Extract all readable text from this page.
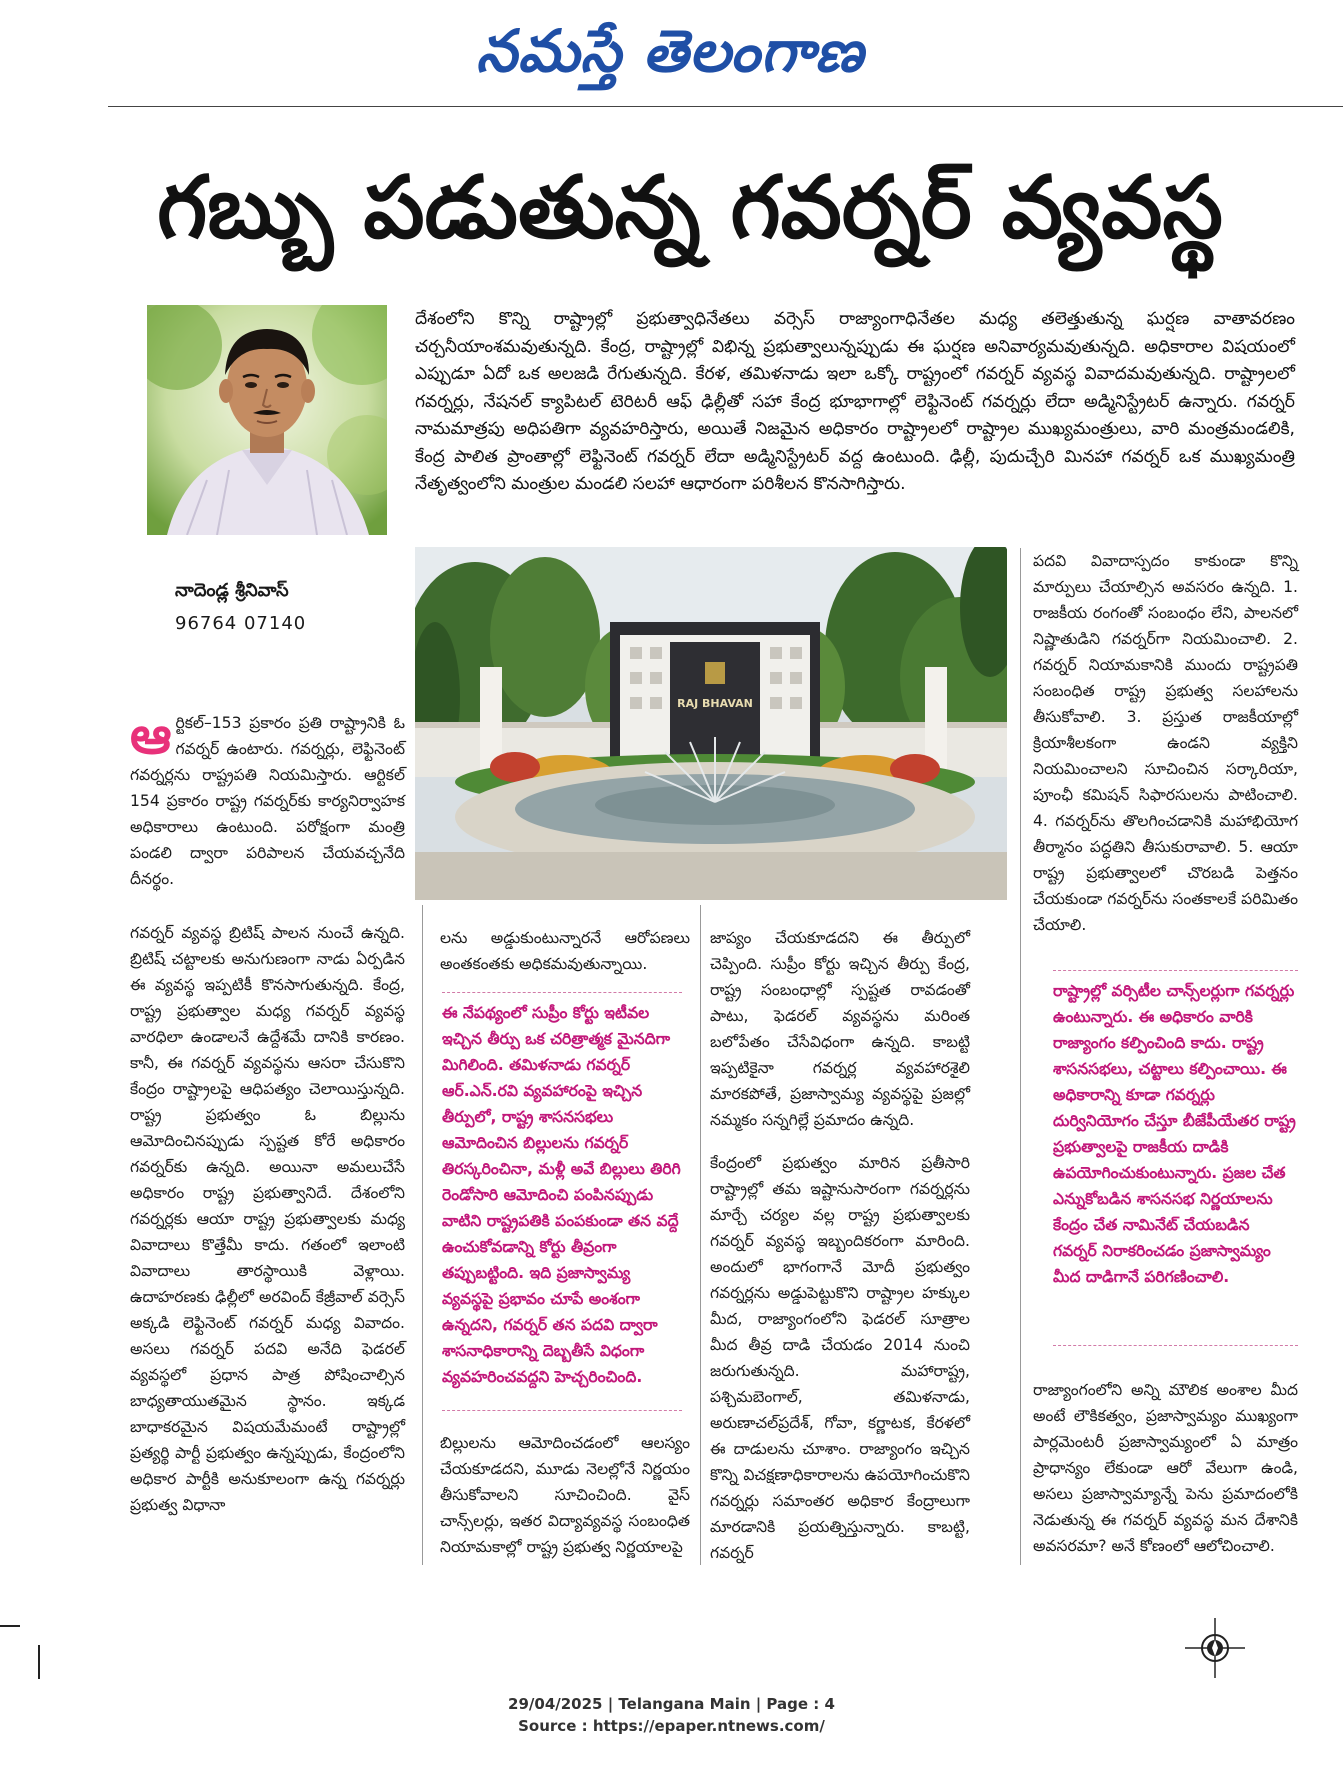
నమస్తే తెలంగాణ
గబ్బు పడుతున్న గవర్నర్ వ్యవస్థ
నాదెండ్ల శ్రీనివాస్
96764 07140
దేశంలోని కొన్ని రాష్ట్రాల్లో ప్రభుత్వాధినేతలు వర్సెస్ రాజ్యాంగాధినేతల మధ్య తలెత్తుతున్న ఘర్షణ వాతావరణం చర్చనీయాంశమవుతున్నది. కేంద్ర, రాష్ట్రాల్లో విభిన్న ప్రభుత్వాలున్నప్పుడు ఈ ఘర్షణ అనివార్యమవుతున్నది. అధికారాల విషయంలో ఎప్పుడూ ఏదో ఒక అలజడి రేగుతున్నది. కేరళ, తమిళనాడు ఇలా ఒక్కో రాష్ట్రంలో గవర్నర్ వ్యవస్థ వివాదమవుతున్నది. రాష్ట్రాలలో గవర్నర్లు, నేషనల్ క్యాపిటల్ టెరిటరీ ఆఫ్ ఢిల్లీతో సహా కేంద్ర భూభాగాల్లో లెఫ్టినెంట్ గవర్నర్లు లేదా అడ్మినిస్ట్రేటర్ ఉన్నారు. గవర్నర్ నామమాత్రపు అధిపతిగా వ్యవహరిస్తారు, అయితే నిజమైన అధికారం రాష్ట్రాలలో రాష్ట్రాల ముఖ్యమంత్రులు, వారి మంత్రమండలికి, కేంద్ర పాలిత ప్రాంతాల్లో లెఫ్టినెంట్ గవర్నర్ లేదా అడ్మినిస్ట్రేటర్ వద్ద ఉంటుంది. ఢిల్లీ, పుదుచ్చేరి మినహా గవర్నర్ ఒక ముఖ్యమంత్రి నేతృత్వంలోని మంత్రుల మండలి సలహా ఆధారంగా పరిశీలన కొనసాగిస్తారు.
RAJ BHAVAN
ఆర్టికల్–153 ప్రకారం ప్రతి రాష్ట్రానికి ఓ గవర్నర్ ఉంటారు. గవర్నర్లు, లెఫ్టినెంట్ గవర్నర్లను రాష్ట్రపతి నియమిస్తారు. ఆర్టికల్ 154 ప్రకారం రాష్ట్ర గవర్నర్‌కు కార్యనిర్వాహక అధికారాలు ఉంటుంది. పరోక్షంగా మంత్రి పండలి ద్వారా పరిపాలన చేయవచ్చనేది దీనర్థం.
గవర్నర్ వ్యవస్థ బ్రిటిష్ పాలన నుంచే ఉన్నది. బ్రిటిష్ చట్టాలకు అనుగుణంగా నాడు ఏర్పడిన ఈ వ్యవస్థ ఇప్పటికీ కొనసాగుతున్నది. కేంద్ర, రాష్ట్ర ప్రభుత్వాల మధ్య గవర్నర్ వ్యవస్థ వారధిలా ఉండాలనే ఉద్దేశమే దానికి కారణం. కానీ, ఈ గవర్నర్ వ్యవస్థను ఆసరా చేసుకొని కేంద్రం రాష్ట్రాలపై ఆధిపత్యం చెలాయిస్తున్నది. రాష్ట్ర ప్రభుత్వం ఓ బిల్లును ఆమోదించినప్పుడు స్పష్టత కోరే అధికారం గవర్నర్‌కు ఉన్నది. అయినా అమలుచేసే అధికారం రాష్ట్ర ప్రభుత్వానిదే. దేశంలోని గవర్నర్లకు ఆయా రాష్ట్ర ప్రభుత్వాలకు మధ్య వివాదాలు కొత్తేమీ కాదు. గతంలో ఇలాంటి వివాదాలు తారస్థాయికి వెళ్లాయి. ఉదాహరణకు ఢిల్లీలో అరవింద్ కేజ్రీవాల్ వర్సెస్ అక్కడి లెఫ్టినెంట్ గవర్నర్ మధ్య వివాదం. అసలు గవర్నర్ పదవి అనేది ఫెడరల్ వ్యవస్థలో ప్రధాన పాత్ర పోషించాల్సిన బాధ్యతాయుతమైన స్థానం. ఇక్కడ బాధాకరమైన విషయమేమంటే రాష్ట్రాల్లో ప్రత్యర్థి పార్టీ ప్రభుత్వం ఉన్నప్పుడు, కేంద్రంలోని అధికార పార్టీకి అనుకూలంగా ఉన్న గవర్నర్లు ప్రభుత్వ విధానా
లను అడ్డుకుంటున్నారనే ఆరోపణలు అంతకంతకు అధికమవుతున్నాయి.
ఈ నేపథ్యంలో సుప్రీం కోర్టు ఇటీవల ఇచ్చిన తీర్పు ఒక చరిత్రాత్మక మైనదిగా మిగిలింది. తమిళనాడు గవర్నర్ ఆర్.ఎన్.రవి వ్యవహారంపై ఇచ్చిన తీర్పులో, రాష్ట్ర శాసనసభలు ఆమోదించిన బిల్లులను గవర్నర్ తిరస్కరించినా, మళ్లీ అవే బిల్లులు తిరిగి రెండోసారి ఆమోదించి పంపినప్పుడు వాటిని రాష్ట్రపతికి పంపకుండా తన వద్దే ఉంచుకోవడాన్ని కోర్టు తీవ్రంగా తప్పుబట్టింది. ఇది ప్రజాస్వామ్య వ్యవస్థపై ప్రభావం చూపే అంశంగా ఉన్నదని, గవర్నర్ తన పదవి ద్వారా శాసనాధికారాన్ని దెబ్బతీసే విధంగా వ్యవహరించవద్దని హెచ్చరించింది.
బిల్లులను ఆమోదించడంలో ఆలస్యం చేయకూడదని, మూడు నెలల్లోనే నిర్ణయం తీసుకోవాలని సూచించింది. వైస్ చాన్స్‌లర్లు, ఇతర విద్యావ్యవస్థ సంబంధిత నియామకాల్లో రాష్ట్ర ప్రభుత్వ నిర్ణయాలపై
జాప్యం చేయకూడదని ఈ తీర్పులో చెప్పింది. సుప్రీం కోర్టు ఇచ్చిన తీర్పు కేంద్ర, రాష్ట్ర సంబంధాల్లో స్పష్టత రావడంతో పాటు, ఫెడరల్ వ్యవస్థను మరింత బలోపేతం చేసేవిధంగా ఉన్నది. కాబట్టి ఇప్పటికైనా గవర్నర్ల వ్యవహారశైలి మారకపోతే, ప్రజాస్వామ్య వ్యవస్థపై ప్రజల్లో నమ్మకం సన్నగిల్లే ప్రమాదం ఉన్నది.
కేంద్రంలో ప్రభుత్వం మారిన ప్రతీసారి రాష్ట్రాల్లో తమ ఇష్టానుసారంగా గవర్నర్లను మార్చే చర్యల వల్ల రాష్ట్ర ప్రభుత్వాలకు గవర్నర్ వ్యవస్థ ఇబ్బందికరంగా మారింది. అందులో భాగంగానే మోదీ ప్రభుత్వం గవర్నర్లను అడ్డుపెట్టుకొని రాష్ట్రాల హక్కుల మీద, రాజ్యాంగంలోని ఫెడరల్ సూత్రాల మీద తీవ్ర దాడి చేయడం 2014 నుంచి జరుగుతున్నది. మహారాష్ట్ర, పశ్చిమబెంగాల్, తమిళనాడు, అరుణాచల్‌ప్రదేశ్, గోవా, కర్ణాటక, కేరళలో ఈ దాడులను చూశాం. రాజ్యాంగం ఇచ్చిన కొన్ని విచక్షణాధికారాలను ఉపయోగించుకొని గవర్నర్లు సమాంతర అధికార కేంద్రాలుగా మారడానికి ప్రయత్నిస్తున్నారు. కాబట్టి, గవర్నర్
పదవి వివాదాస్పదం కాకుండా కొన్ని మార్పులు చేయాల్సిన అవసరం ఉన్నది. 1. రాజకీయ రంగంతో సంబంధం లేని, పాలనలో నిష్ణాతుడిని గవర్నర్‌గా నియమించాలి. 2. గవర్నర్ నియామకానికి ముందు రాష్ట్రపతి సంబంధిత రాష్ట్ర ప్రభుత్వ సలహాలను తీసుకోవాలి. 3. ప్రస్తుత రాజకీయాల్లో క్రియాశీలకంగా ఉండని వ్యక్తిని నియమించాలని సూచించిన సర్కారియా, పూంఛీ కమిషన్ సిఫారసులను పాటించాలి. 4. గవర్నర్‌ను తొలగించడానికి మహాభియోగ తీర్మానం పద్ధతిని తీసుకురావాలి. 5. ఆయా రాష్ట్ర ప్రభుత్వాలలో చొరబడి పెత్తనం చేయకుండా గవర్నర్‌ను సంతకాలకే పరిమితం చేయాలి.
రాష్ట్రాల్లో వర్సిటీల చాన్స్‌లర్లుగా గవర్నర్లు ఉంటున్నారు. ఈ అధికారం వారికి రాజ్యాంగం కల్పించింది కాదు. రాష్ట్ర శాసనసభలు, చట్టాలు కల్పించాయి. ఈ అధికారాన్ని కూడా గవర్నర్లు దుర్వినియోగం చేస్తూ బీజేపీయేతర రాష్ట్ర ప్రభుత్వాలపై రాజకీయ దాడికి ఉపయోగించుకుంటున్నారు. ప్రజల చేత ఎన్నుకోబడిన శాసనసభ నిర్ణయాలను కేంద్రం చేత నామినేట్ చేయబడిన గవర్నర్ నిరాకరించడం ప్రజాస్వామ్యం మీద దాడిగానే పరిగణించాలి.
రాజ్యాంగంలోని అన్ని మౌలిక అంశాల మీద అంటే లౌకికత్వం, ప్రజాస్వామ్యం ముఖ్యంగా పార్లమెంటరీ ప్రజాస్వామ్యంలో ఏ మాత్రం ప్రాధాన్యం లేకుండా ఆరో వేలుగా ఉండి, అసలు ప్రజాస్వామ్యాన్నే పెను ప్రమాదంలోకి నెడుతున్న ఈ గవర్నర్ వ్యవస్థ మన దేశానికి అవసరమా? అనే కోణంలో ఆలోచించాలి.
29/04/2025 | Telangana Main | Page : 4
Source : https://epaper.ntnews.com/
